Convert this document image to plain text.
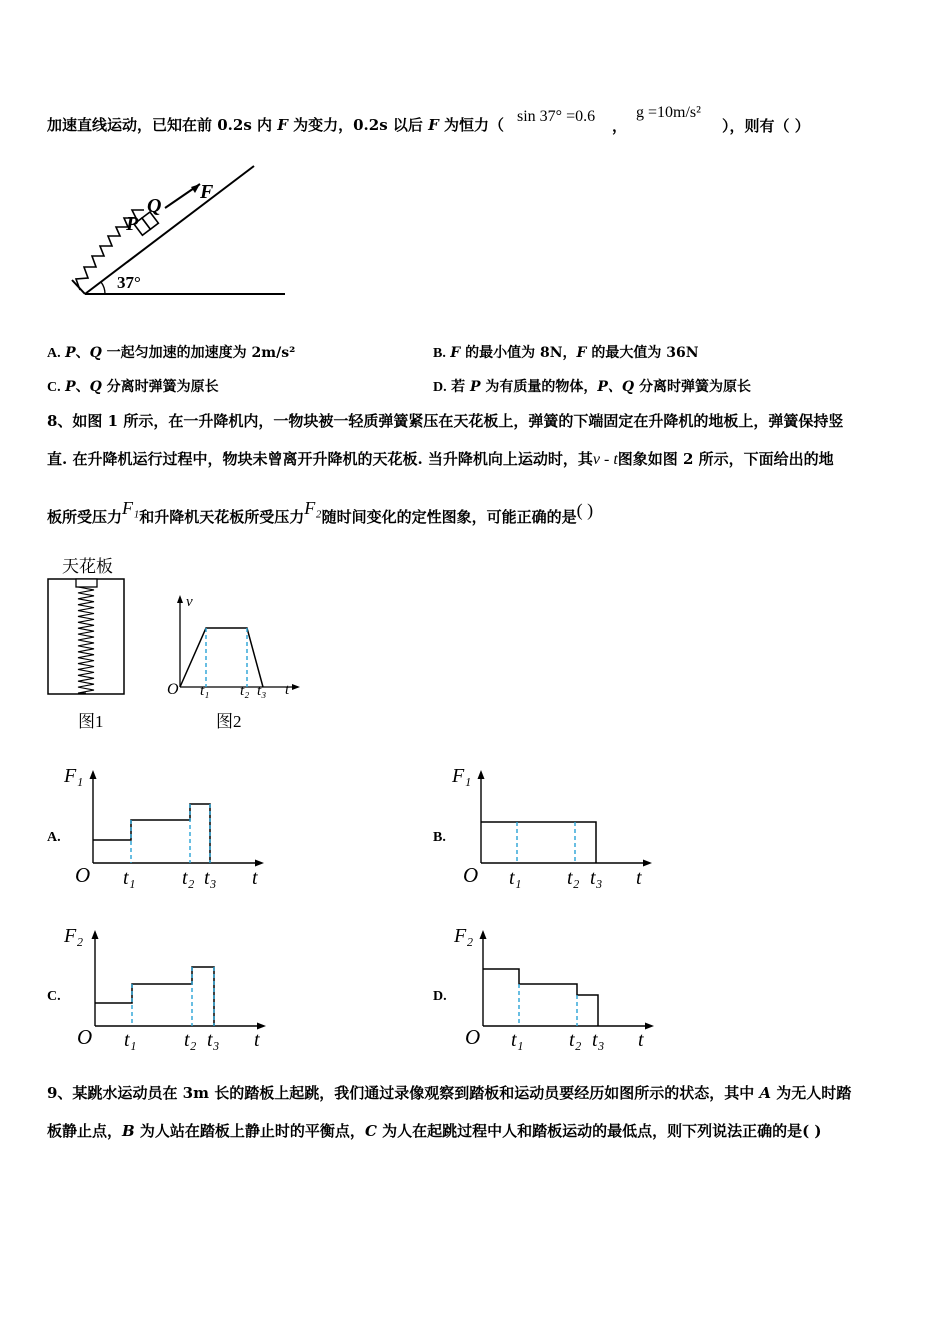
加速直线运动，已知在前 0.2s 内 F 为变力，0.2s 以后 F 为恒力（ sin 37° =0.6
，
g =10m/s²
），则有（ ）
P
Q
F
37°
A. P、Q 一起匀加速的加速度为 2m/s²	B. F 的最小值为 8N，F 的最大值为 36N
C. P、Q 分离时弹簧为原长	D. 若 P 为有质量的物体，P、Q 分离时弹簧为原长
8、如图 1 所示，在一升降机内，一物块被一轻质弹簧紧压在天花板上，弹簧的下端固定在升降机的地板上，弹簧保持竖
直. 在升降机运行过程中，物块未曾离开升降机的天花板. 当升降机向上运动时，其v - t图象如图 2 所示，下面给出的地
板所受压力F₁和升降机天花板所受压力F₂随时间变化的定性图象，可能正确的是( )
天花板
图1
v
O t₁ t₂ t₃ t
图2
A.
F₁
O t₁ t₂ t₃ t
B.
F₁
O t₁ t₂ t₃ t
C.
F₂
O t₁ t₂ t₃ t
D.
F₂
O t₁ t₂ t₃ t
9、某跳水运动员在 3m 长的踏板上起跳，我们通过录像观察到踏板和运动员要经历如图所示的状态，其中 A 为无人时踏
板静止点，B 为人站在踏板上静止时的平衡点，C 为人在起跳过程中人和踏板运动的最低点，则下列说法正确的是( )
